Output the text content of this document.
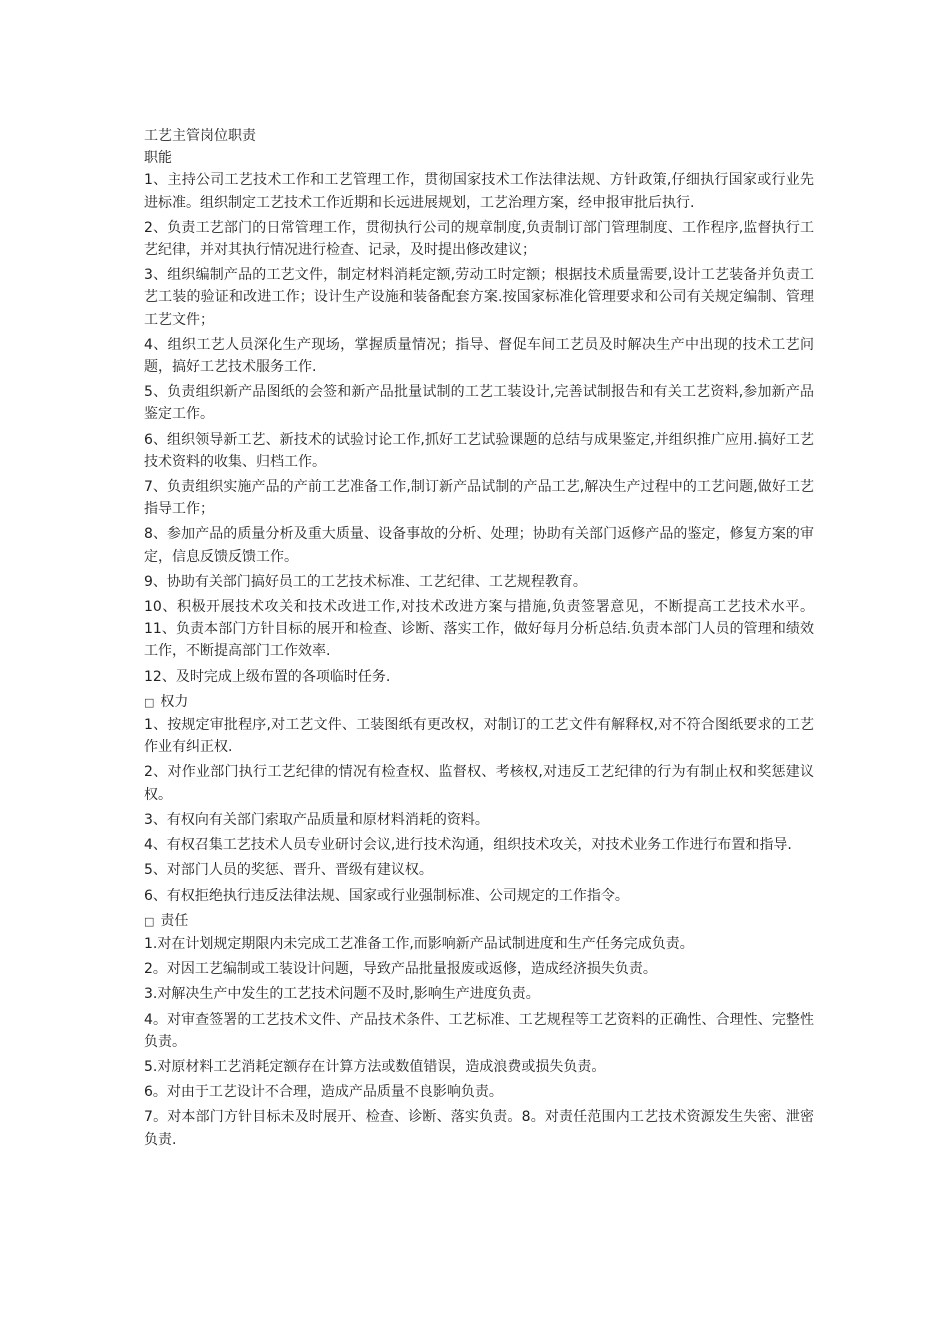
工艺主管岗位职责

职能

1、主持公司工艺技术工作和工艺管理工作，贯彻国家技术工作法律法规、方针政策,仔细执行国家或行业先进标准。组织制定工艺技术工作近期和长远进展规划，工艺治理方案，经申报审批后执行.

2、负责工艺部门的日常管理工作，贯彻执行公司的规章制度,负责制订部门管理制度、工作程序,监督执行工艺纪律，并对其执行情况进行检查、记录，及时提出修改建议；

3、组织编制产品的工艺文件，制定材料消耗定额,劳动工时定额；根据技术质量需要,设计工艺装备并负责工艺工装的验证和改进工作；设计生产设施和装备配套方案.按国家标准化管理要求和公司有关规定编制、管理工艺文件；

4、组织工艺人员深化生产现场，掌握质量情况；指导、督促车间工艺员及时解决生产中出现的技术工艺问题，搞好工艺技术服务工作.

5、负责组织新产品图纸的会签和新产品批量试制的工艺工装设计,完善试制报告和有关工艺资料,参加新产品鉴定工作。

6、组织领导新工艺、新技术的试验讨论工作,抓好工艺试验课题的总结与成果鉴定,并组织推广应用.搞好工艺技术资料的收集、归档工作。

7、负责组织实施产品的产前工艺准备工作,制订新产品试制的产品工艺,解决生产过程中的工艺问题,做好工艺指导工作；

8、参加产品的质量分析及重大质量、设备事故的分析、处理；协助有关部门返修产品的鉴定，修复方案的审定，信息反馈反馈工作。

9、协助有关部门搞好员工的工艺技术标准、工艺纪律、工艺规程教育。

10、积极开展技术攻关和技术改进工作,对技术改进方案与措施,负责签署意见，不断提高工艺技术水平。11、负责本部门方针目标的展开和检查、诊断、落实工作，做好每月分析总结.负责本部门人员的管理和绩效工作，不断提高部门工作效率.

12、及时完成上级布置的各项临时任务.

□ 权力

1、按规定审批程序,对工艺文件、工装图纸有更改权，对制订的工艺文件有解释权,对不符合图纸要求的工艺作业有纠正权.

2、对作业部门执行工艺纪律的情况有检查权、监督权、考核权,对违反工艺纪律的行为有制止权和奖惩建议权。

3、有权向有关部门索取产品质量和原材料消耗的资料。

4、有权召集工艺技术人员专业研讨会议,进行技术沟通，组织技术攻关，对技术业务工作进行布置和指导.

5、对部门人员的奖惩、晋升、晋级有建议权。

6、有权拒绝执行违反法律法规、国家或行业强制标准、公司规定的工作指令。

□ 责任

1.对在计划规定期限内未完成工艺准备工作,而影响新产品试制进度和生产任务完成负责。

2。对因工艺编制或工装设计问题，导致产品批量报废或返修，造成经济损失负责。

3.对解决生产中发生的工艺技术问题不及时,影响生产进度负责。

4。对审查签署的工艺技术文件、产品技术条件、工艺标准、工艺规程等工艺资料的正确性、合理性、完整性负责。

5.对原材料工艺消耗定额存在计算方法或数值错误，造成浪费或损失负责。

6。对由于工艺设计不合理，造成产品质量不良影响负责。

7。对本部门方针目标未及时展开、检查、诊断、落实负责。8。对责任范围内工艺技术资源发生失密、泄密负责.
